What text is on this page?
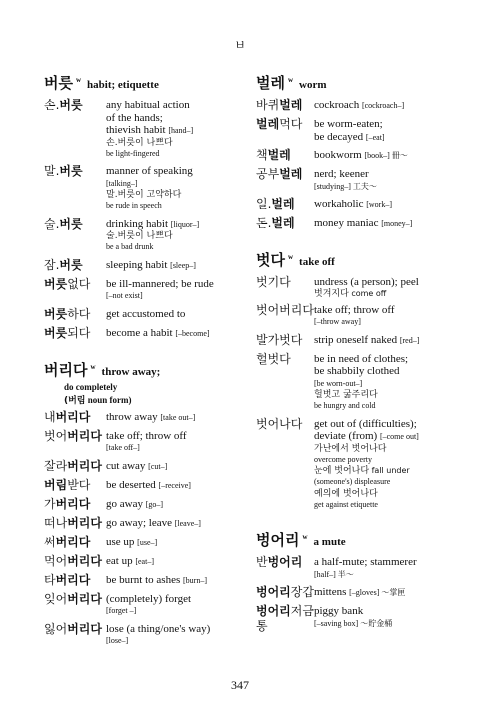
ㅂ
버릇 w habit; etiquette
손.버릇	any habitual action
of the hands;
thievish habit [hand–]
손.버릇이 나쁘다
be light-fingered
말.버릇	manner of speaking
[talking–]
말.버릇이 고약하다
be rude in speech
술.버릇	drinking habit [liquor–]
술.버릇이 나쁘다
be a bad drunk
잠.버릇	sleeping habit [sleep–]
버릇없다	be ill-mannered; be rude
[–not exist]
버릇하다	get accustomed to
버릇되다	become a habit [–become]
버리다 w throw away;
do completely
(버림 noun form)
내버리다	throw away [take out–]
벗어버리다 take off; throw off
[take off–]
잘라버리다 cut away [cut–]
버림받다	be deserted [–receive]
가버리다	go away [go–]
떠나버리다 go away; leave [leave–]
써버리다	use up [use–]
먹어버리다 eat up [eat–]
타버리다	be burnt to ashes [burn–]
잊어버리다 (completely) forget
[forget –]
잃어버리다 lose (a thing/one's way)
[lose–]
벌레 w worm
바퀴벌레	cockroach [cockroach–]
벌레먹다	be worm-eaten;
be decayed [–eat]
책벌레	bookworm [book–] 冊～
공부벌레	nerd; keener
[studying–] 工夫～
일.벌레	workaholic [work–]
돈.벌레	money maniac [money–]
벗다 w take off
벗기다	undress (a person); peel
벗겨지다 come off
벗어버리다 take off; throw off
[–throw away]
발가벗다	strip oneself naked [red–]
헐벗다	be in need of clothes;
be shabbily clothed
[be worn-out–]
헐벗고 굶주리다
be hungry and cold
벗어나다	get out of (difficulties);
deviate (from) [–come out]
가난에서 벗어나다
overcome poverty
눈에 벗어나다 fall under
(someone's) displeasure
예의에 벗어나다
get against etiquette
벙어리 w a mute
반벙어리	a half-mute; stammerer
[half–] 半～
벙어리장갑 mittens [–gloves] ～掌匣
벙어리저금통
piggy bank
[–saving box] ～貯金桶
347
